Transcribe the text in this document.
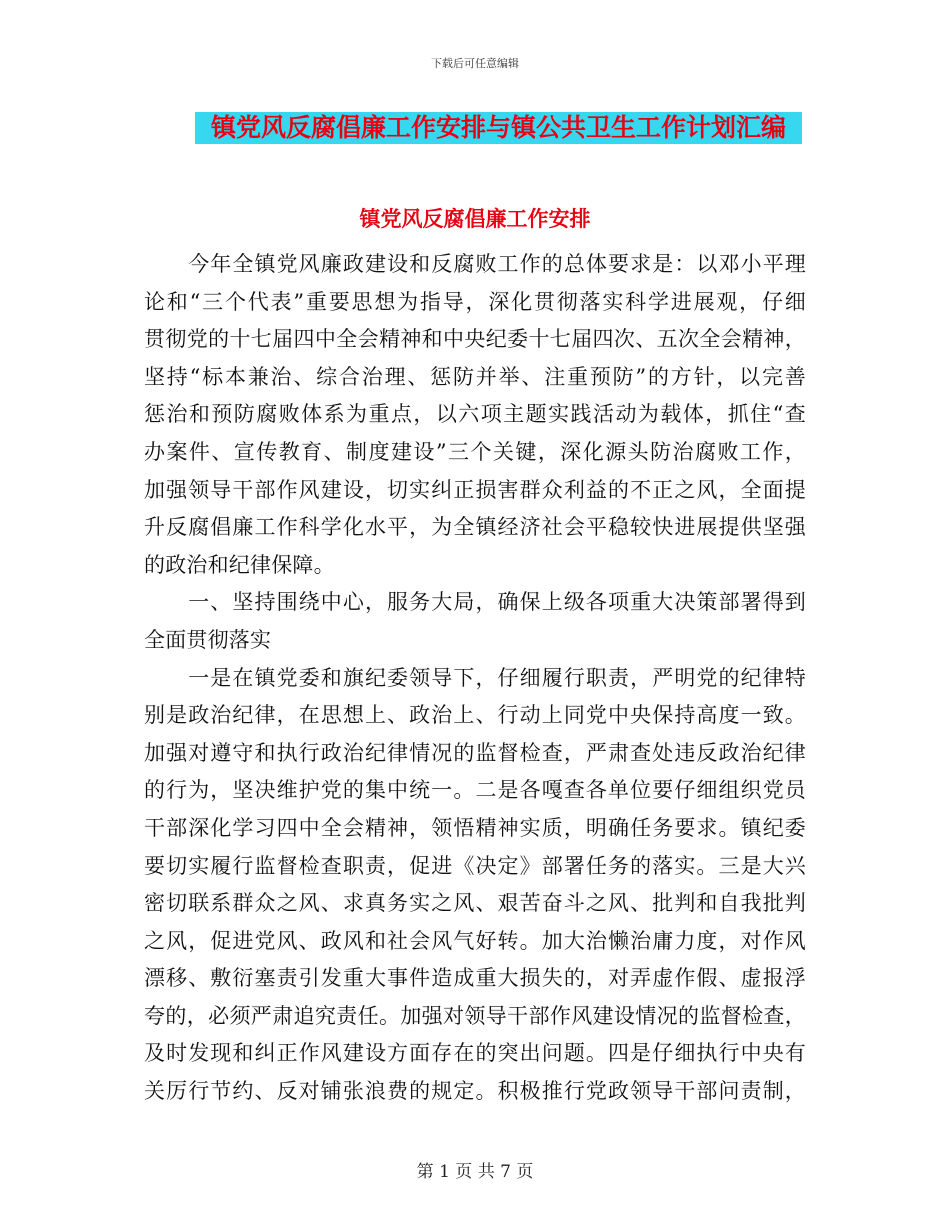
下载后可任意编辑
镇党风反腐倡廉工作安排与镇公共卫生工作计划汇编
镇党风反腐倡廉工作安排
　　今年全镇党风廉政建设和反腐败工作的总体要求是：以邓小平理
论和“三个代表”重要思想为指导，深化贯彻落实科学进展观，仔细
贯彻党的十七届四中全会精神和中央纪委十七届四次、五次全会精神，
坚持“标本兼治、综合治理、惩防并举、注重预防”的方针，以完善
惩治和预防腐败体系为重点，以六项主题实践活动为载体，抓住“查
办案件、宣传教育、制度建设”三个关键，深化源头防治腐败工作，
加强领导干部作风建设，切实纠正损害群众利益的不正之风，全面提
升反腐倡廉工作科学化水平，为全镇经济社会平稳较快进展提供坚强
的政治和纪律保障。
　　一、坚持围绕中心，服务大局，确保上级各项重大决策部署得到
全面贯彻落实
　　一是在镇党委和旗纪委领导下，仔细履行职责，严明党的纪律特
别是政治纪律，在思想上、政治上、行动上同党中央保持高度一致。
加强对遵守和执行政治纪律情况的监督检查，严肃查处违反政治纪律
的行为，坚决维护党的集中统一。二是各嘎查各单位要仔细组织党员
干部深化学习四中全会精神，领悟精神实质，明确任务要求。镇纪委
要切实履行监督检查职责，促进《决定》部署任务的落实。三是大兴
密切联系群众之风、求真务实之风、艰苦奋斗之风、批判和自我批判
之风，促进党风、政风和社会风气好转。加大治懒治庸力度，对作风
漂移、敷衍塞责引发重大事件造成重大损失的，对弄虚作假、虚报浮
夸的，必须严肃追究责任。加强对领导干部作风建设情况的监督检查，
及时发现和纠正作风建设方面存在的突出问题。四是仔细执行中央有
关厉行节约、反对铺张浪费的规定。积极推行党政领导干部问责制，
第 1 页 共 7 页
